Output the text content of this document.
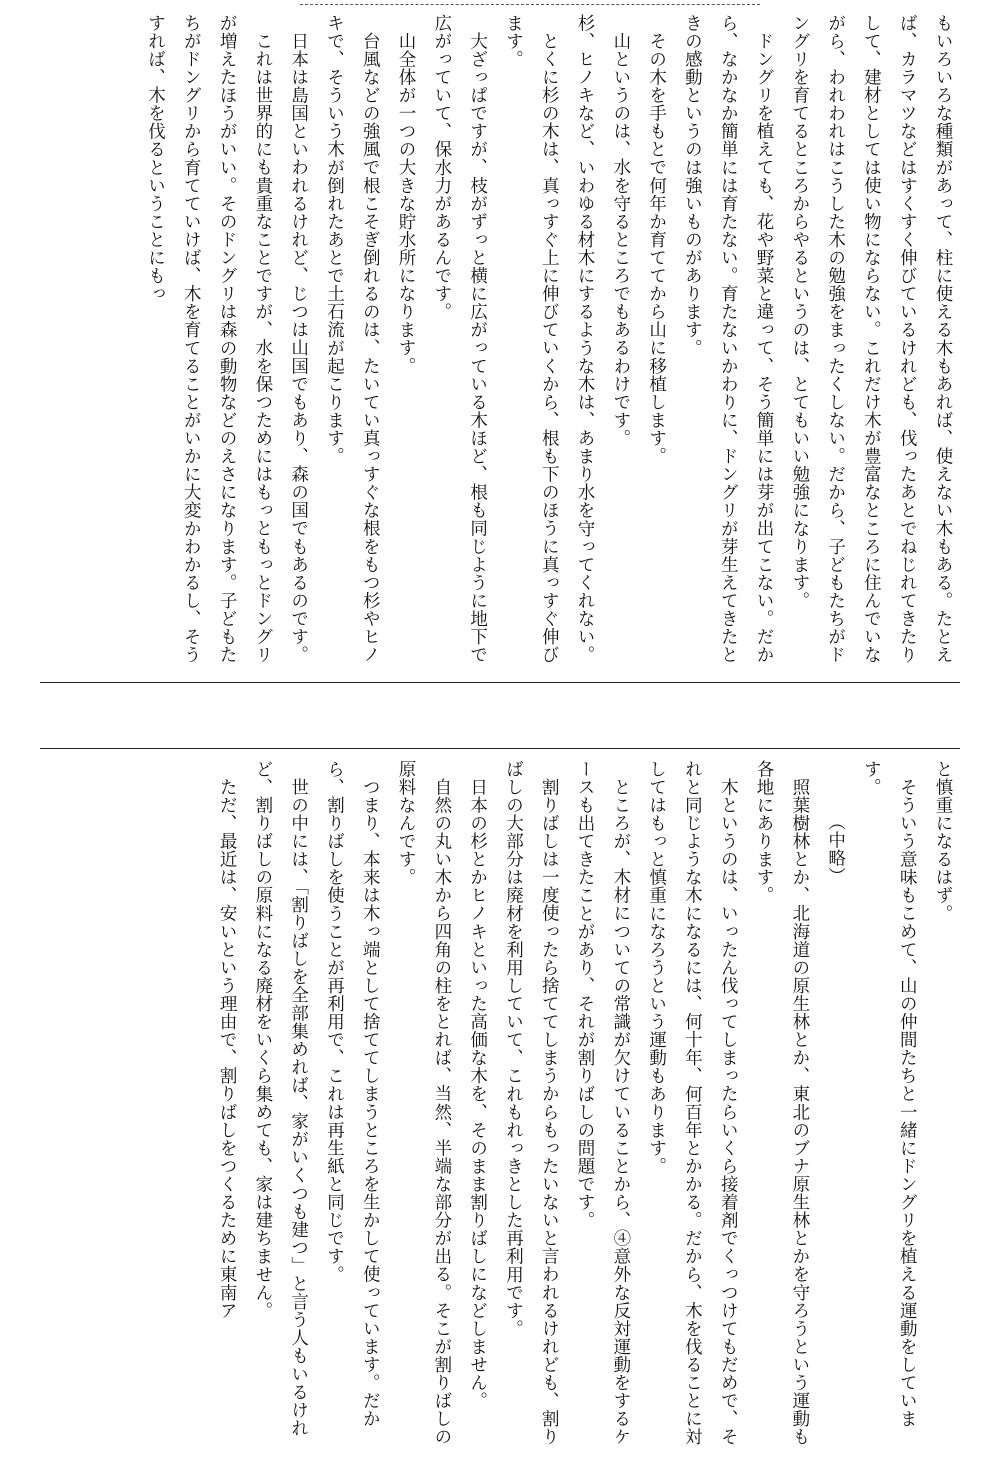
もいろいろな種類があって、柱に使える木もあれば、使えない木もある。たとえば、カラマツなどはすくすく伸びているけれども、伐ったあとでねじれてきたりして、建材としては使い物にならない。これだけ木が豊富なところに住んでいながら、われわれはこうした木の勉強をまったくしない。だから、子どもたちがドングリを育てるところからやるというのは、とてもいい勉強になります。

ドングリを植えても、花や野菜と違って、そう簡単には芽が出てこない。だから、なかなか簡単には育たない。育たないかわりに、ドングリが芽生えてきたときの感動というのは強いものがあります。

その木を手もとで何年か育ててから山に移植します。

山というのは、水を守るところでもあるわけです。

杉、ヒノキなど、いわゆる材木にするような木は、あまり水を守ってくれない。

とくに杉の木は、真っすぐ上に伸びていくから、根も下のほうに真っすぐ伸びます。

大ざっぱですが、枝がずっと横に広がっている木ほど、根も同じように地下で広がっていて、保水力があるんです。

山全体が一つの大きな貯水所になります。

台風などの強風で根こそぎ倒れるのは、たいてい真っすぐな根をもつ杉やヒノキで、そういう木が倒れたあとで土石流が起こります。

日本は島国といわれるけれど、じつは山国でもあり、森の国でもあるのです。

これは世界的にも貴重なことですが、水を保つためにはもっともっとドングリが増えたほうがいい。そのドングリは森の動物などのえさになります。子どもたちがドングリから育てていけば、木を育てることがいかに大変かわかるし、そうすれば、木を伐るということにもっ

と慎重になるはず。

そういう意味もこめて、山の仲間たちと一緒にドングリを植える運動をしています。

（中略）

照葉樹林とか、北海道の原生林とか、東北のブナ原生林とかを守ろうという運動も各地にあります。

木というのは、いったん伐ってしまったらいくら接着剤でくっつけてもだめで、それと同じような木になるには、何十年、何百年とかかる。だから、木を伐ることに対してはもっと慎重になろうという運動もあります。

ところが、木材についての常識が欠けていることから、④意外な反対運動をするケースも出てきたことがあり、それが割りばしの問題です。

割りばしは一度使ったら捨ててしまうからもったいないと言われるけれども、割りばしの大部分は廃材を利用していて、これもれっきとした再利用です。

日本の杉とかヒノキといった高価な木を、そのまま割りばしになどしません。

自然の丸い木から四角の柱をとれば、当然、半端な部分が出る。そこが割りばしの原料なんです。

つまり、本来は木っ端として捨ててしまうところを生かして使っています。だから、割りばしを使うことが再利用で、これは再生紙と同じです。

世の中には、「割りばしを全部集めれば、家がいくつも建つ」と言う人もいるけれど、割りばしの原料になる廃材をいくら集めても、家は建ちません。

ただ、最近は、安いという理由で、割りばしをつくるために東南ア
